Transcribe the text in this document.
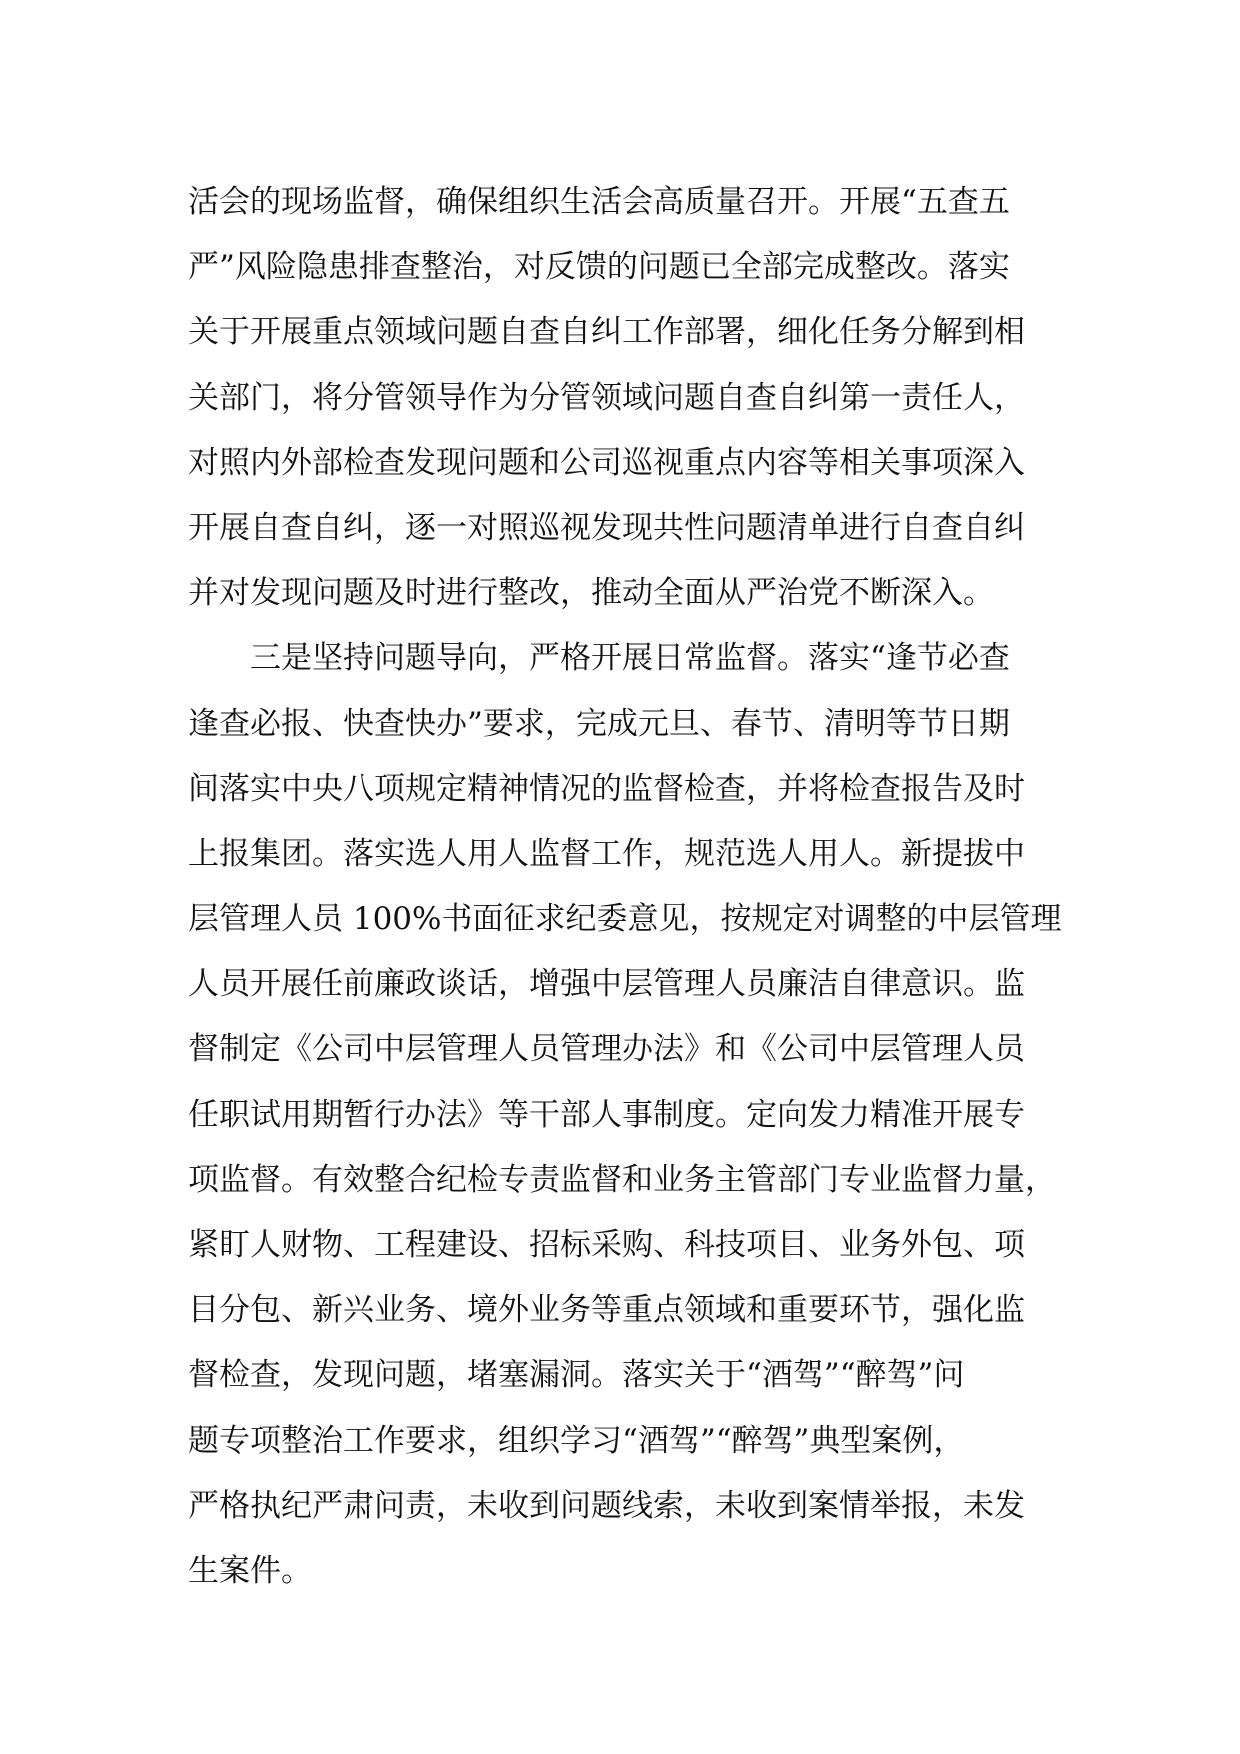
活会的现场监督，确保组织生活会高质量召开。开展“五查五
严”风险隐患排查整治，对反馈的问题已全部完成整改。落实
关于开展重点领域问题自查自纠工作部署，细化任务分解到相
关部门，将分管领导作为分管领域问题自查自纠第一责任人，
对照内外部检查发现问题和公司巡视重点内容等相关事项深入
开展自查自纠，逐一对照巡视发现共性问题清单进行自查自纠
并对发现问题及时进行整改，推动全面从严治党不断深入。
三是坚持问题导向，严格开展日常监督。落实“逢节必查
逢查必报、快查快办”要求，完成元旦、春节、清明等节日期
间落实中央八项规定精神情况的监督检查，并将检查报告及时
上报集团。落实选人用人监督工作，规范选人用人。新提拔中
层管理人员 100%书面征求纪委意见，按规定对调整的中层管理
人员开展任前廉政谈话，增强中层管理人员廉洁自律意识。监
督制定《公司中层管理人员管理办法》和《公司中层管理人员
任职试用期暂行办法》等干部人事制度。定向发力精准开展专
项监督。有效整合纪检专责监督和业务主管部门专业监督力量，
紧盯人财物、工程建设、招标采购、科技项目、业务外包、项
目分包、新兴业务、境外业务等重点领域和重要环节，强化监
督检查，发现问题，堵塞漏洞。落实关于“酒驾”“醉驾”问
题专项整治工作要求，组织学习“酒驾”“醉驾”典型案例，
严格执纪严肃问责，未收到问题线索，未收到案情举报，未发
生案件。
